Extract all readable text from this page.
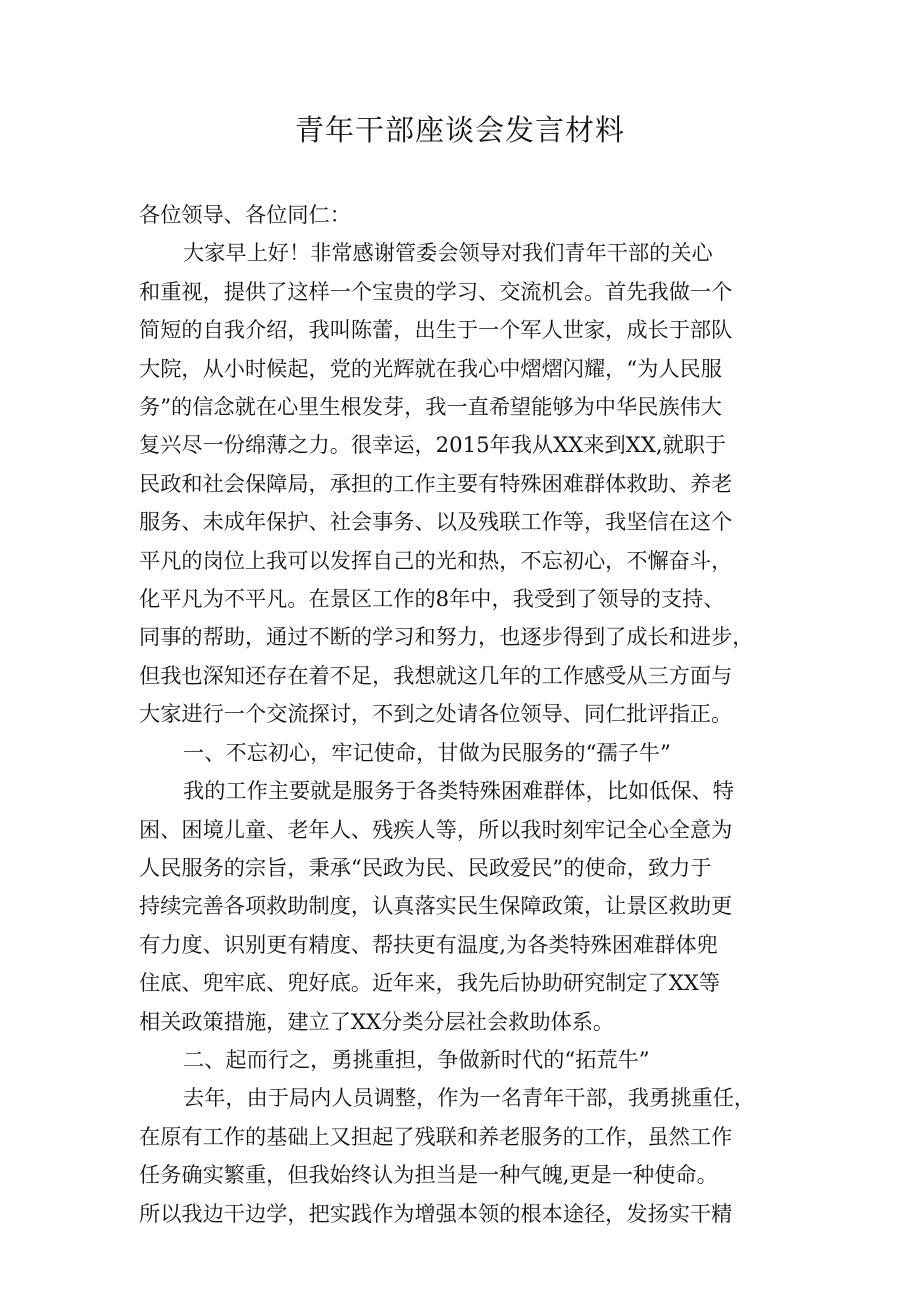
青年干部座谈会发言材料

各位领导、各位同仁：

大家早上好！非常感谢管委会领导对我们青年干部的关心

和重视，提供了这样一个宝贵的学习、交流机会。首先我做一个

简短的自我介绍，我叫陈蕾，出生于一个军人世家，成长于部队

大院，从小时候起，党的光辉就在我心中熠熠闪耀，“为人民服

务”的信念就在心里生根发芽，我一直希望能够为中华民族伟大

复兴尽一份绵薄之力。很幸运，2015年我从XX来到XX,就职于

民政和社会保障局，承担的工作主要有特殊困难群体救助、养老

服务、未成年保护、社会事务、以及残联工作等，我坚信在这个

平凡的岗位上我可以发挥自己的光和热，不忘初心，不懈奋斗，

化平凡为不平凡。在景区工作的8年中，我受到了领导的支持、

同事的帮助，通过不断的学习和努力，也逐步得到了成长和进步，

但我也深知还存在着不足，我想就这几年的工作感受从三方面与

大家进行一个交流探讨，不到之处请各位领导、同仁批评指正。

一、不忘初心，牢记使命，甘做为民服务的“孺子牛”

我的工作主要就是服务于各类特殊困难群体，比如低保、特

困、困境儿童、老年人、残疾人等，所以我时刻牢记全心全意为

人民服务的宗旨，秉承“民政为民、民政爱民”的使命，致力于

持续完善各项救助制度，认真落实民生保障政策，让景区救助更

有力度、识别更有精度、帮扶更有温度,为各类特殊困难群体兜

住底、兜牢底、兜好底。近年来，我先后协助研究制定了XX等

相关政策措施，建立了XX分类分层社会救助体系。

二、起而行之，勇挑重担，争做新时代的“拓荒牛”

去年，由于局内人员调整，作为一名青年干部，我勇挑重任，

在原有工作的基础上又担起了残联和养老服务的工作，虽然工作

任务确实繁重，但我始终认为担当是一种气魄,更是一种使命。

所以我边干边学，把实践作为增强本领的根本途径，发扬实干精
